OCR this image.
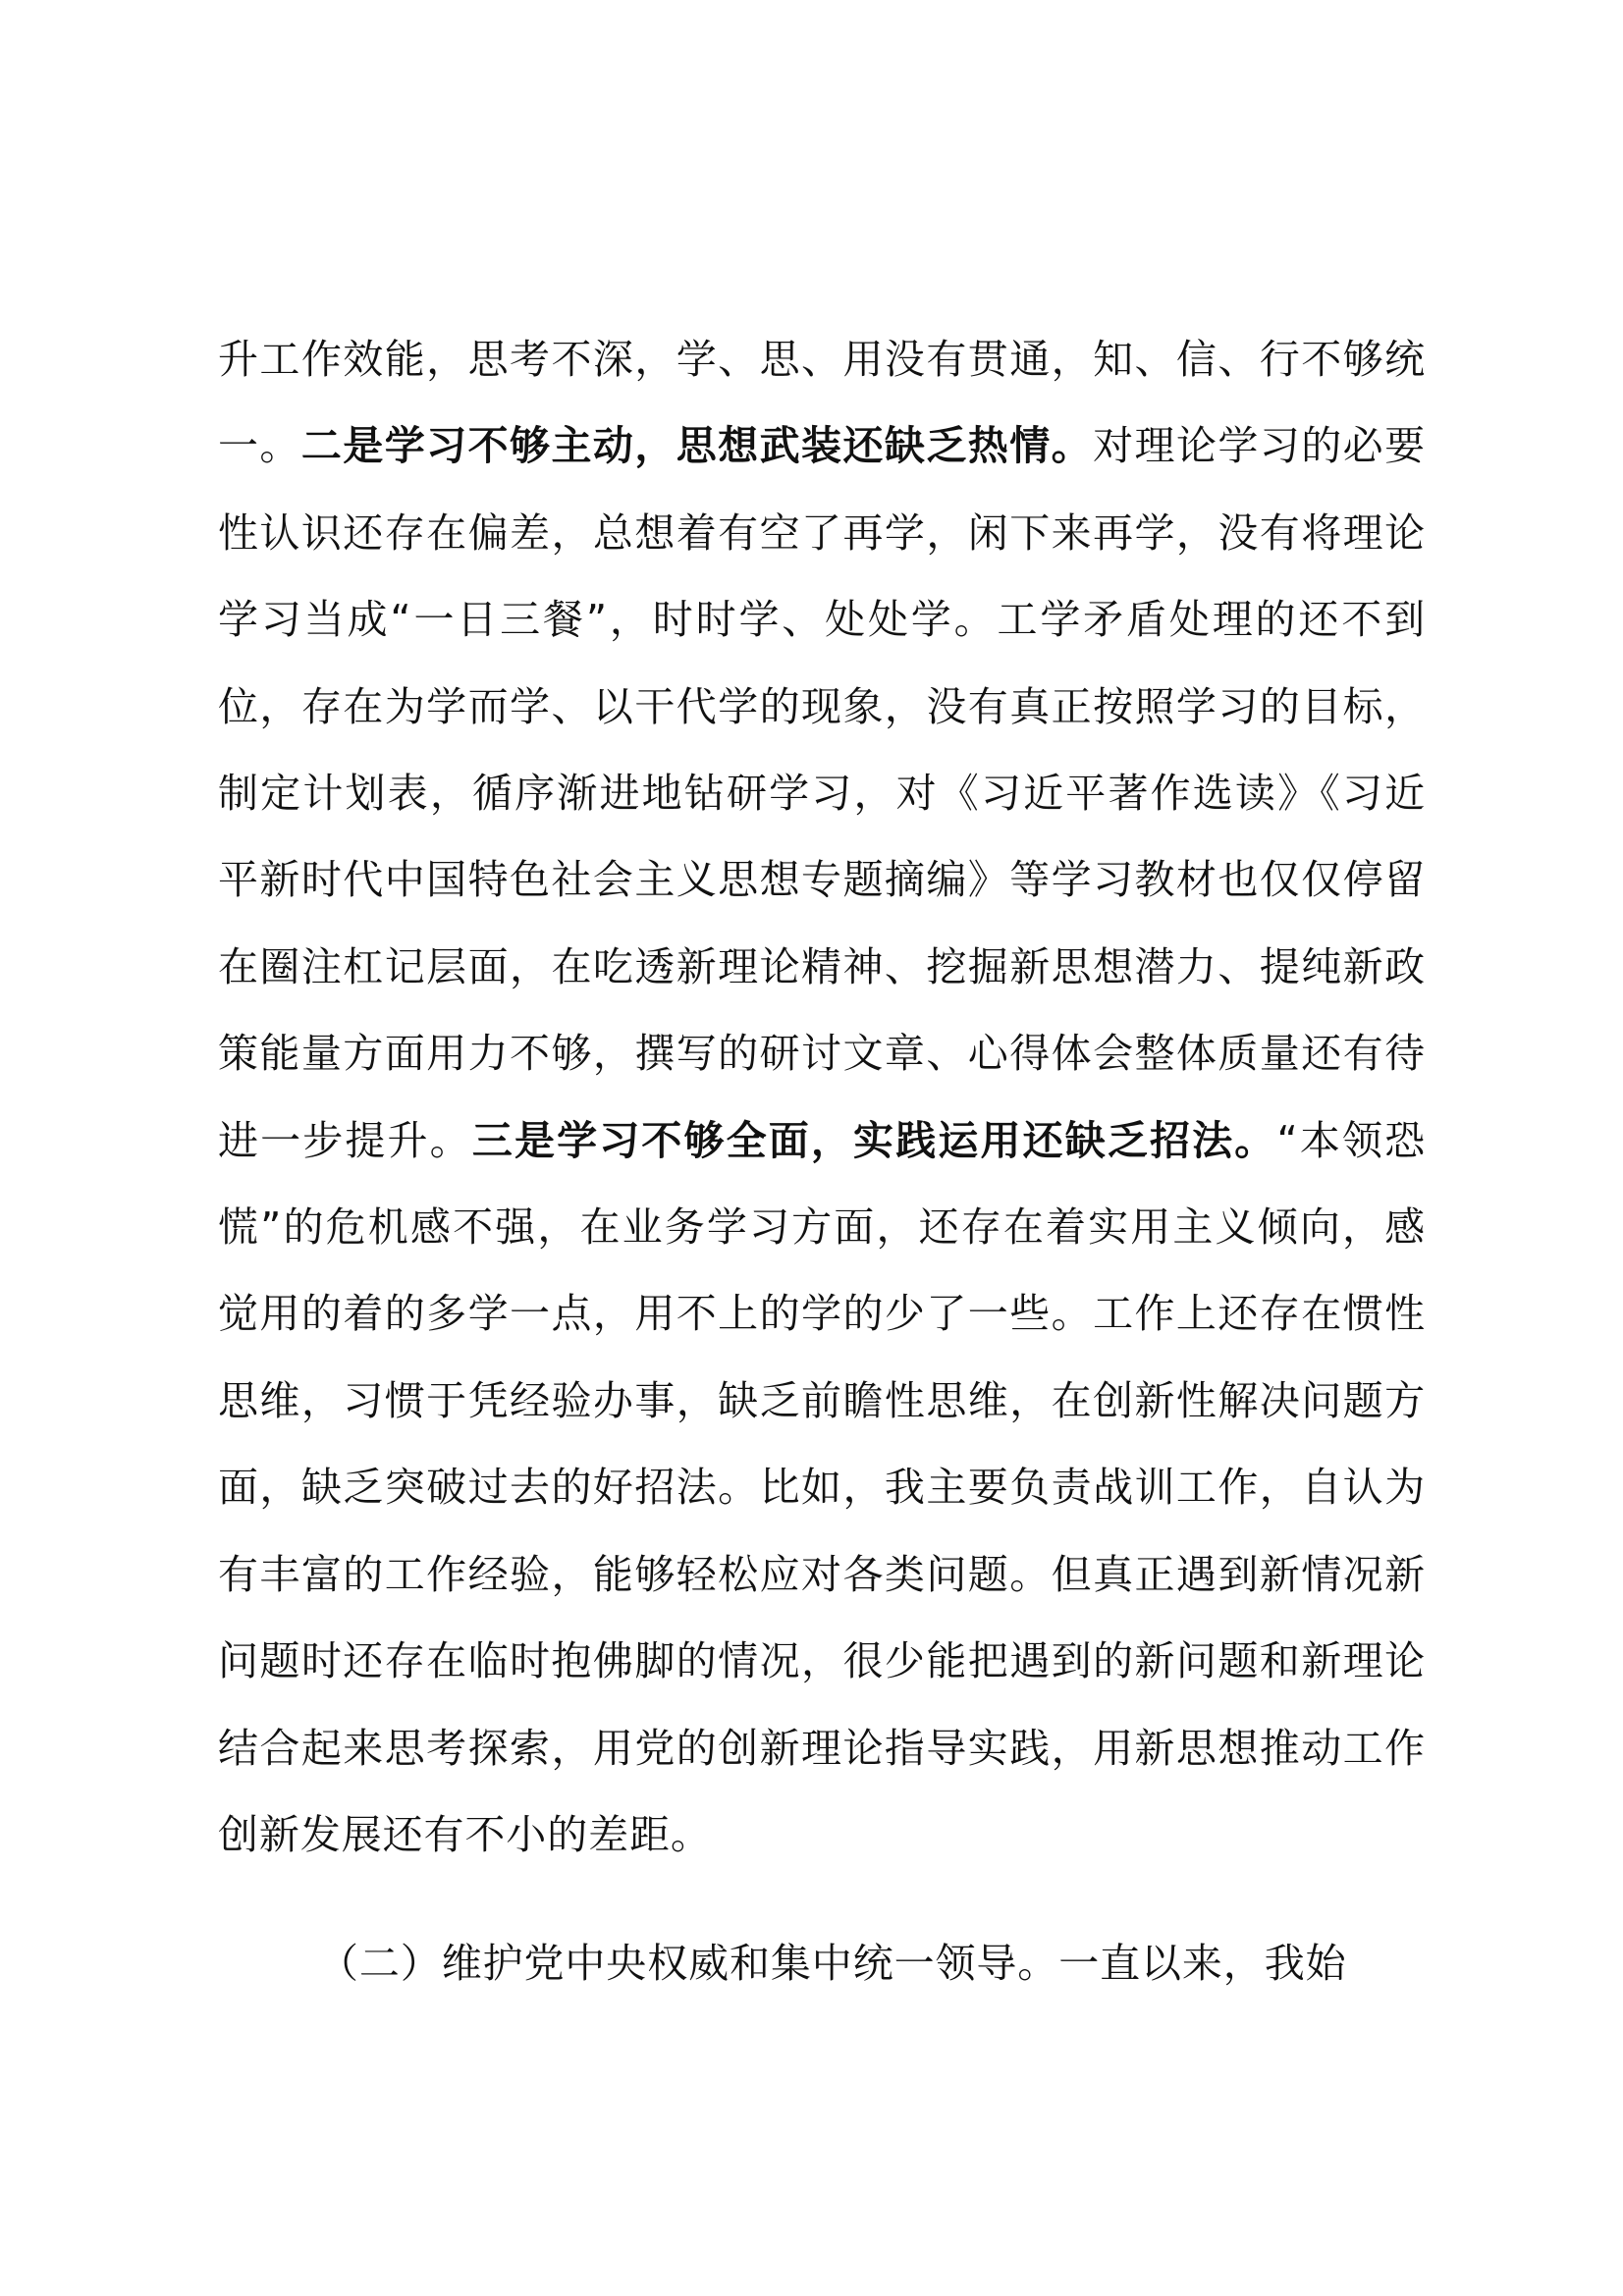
升工作效能，思考不深，学、思、用没有贯通，知、信、行不够统一。二是学习不够主动，思想武装还缺乏热情。对理论学习的必要性认识还存在偏差，总想着有空了再学，闲下来再学，没有将理论学习当成“一日三餐”，时时学、处处学。工学矛盾处理的还不到位，存在为学而学、以干代学的现象，没有真正按照学习的目标，制定计划表，循序渐进地钻研学习，对《习近平著作选读》《习近平新时代中国特色社会主义思想专题摘编》等学习教材也仅仅停留在圈注杠记层面，在吃透新理论精神、挖掘新思想潜力、提纯新政策能量方面用力不够，撰写的研讨文章、心得体会整体质量还有待进一步提升。三是学习不够全面，实践运用还缺乏招法。“本领恐慌”的危机感不强，在业务学习方面，还存在着实用主义倾向，感觉用的着的多学一点，用不上的学的少了一些。工作上还存在惯性思维，习惯于凭经验办事，缺乏前瞻性思维，在创新性解决问题方面，缺乏突破过去的好招法。比如，我主要负责战训工作，自认为有丰富的工作经验，能够轻松应对各类问题。但真正遇到新情况新问题时还存在临时抱佛脚的情况，很少能把遇到的新问题和新理论结合起来思考探索，用党的创新理论指导实践，用新思想推动工作创新发展还有不小的差距。

（二）维护党中央权威和集中统一领导。一直以来，我始
